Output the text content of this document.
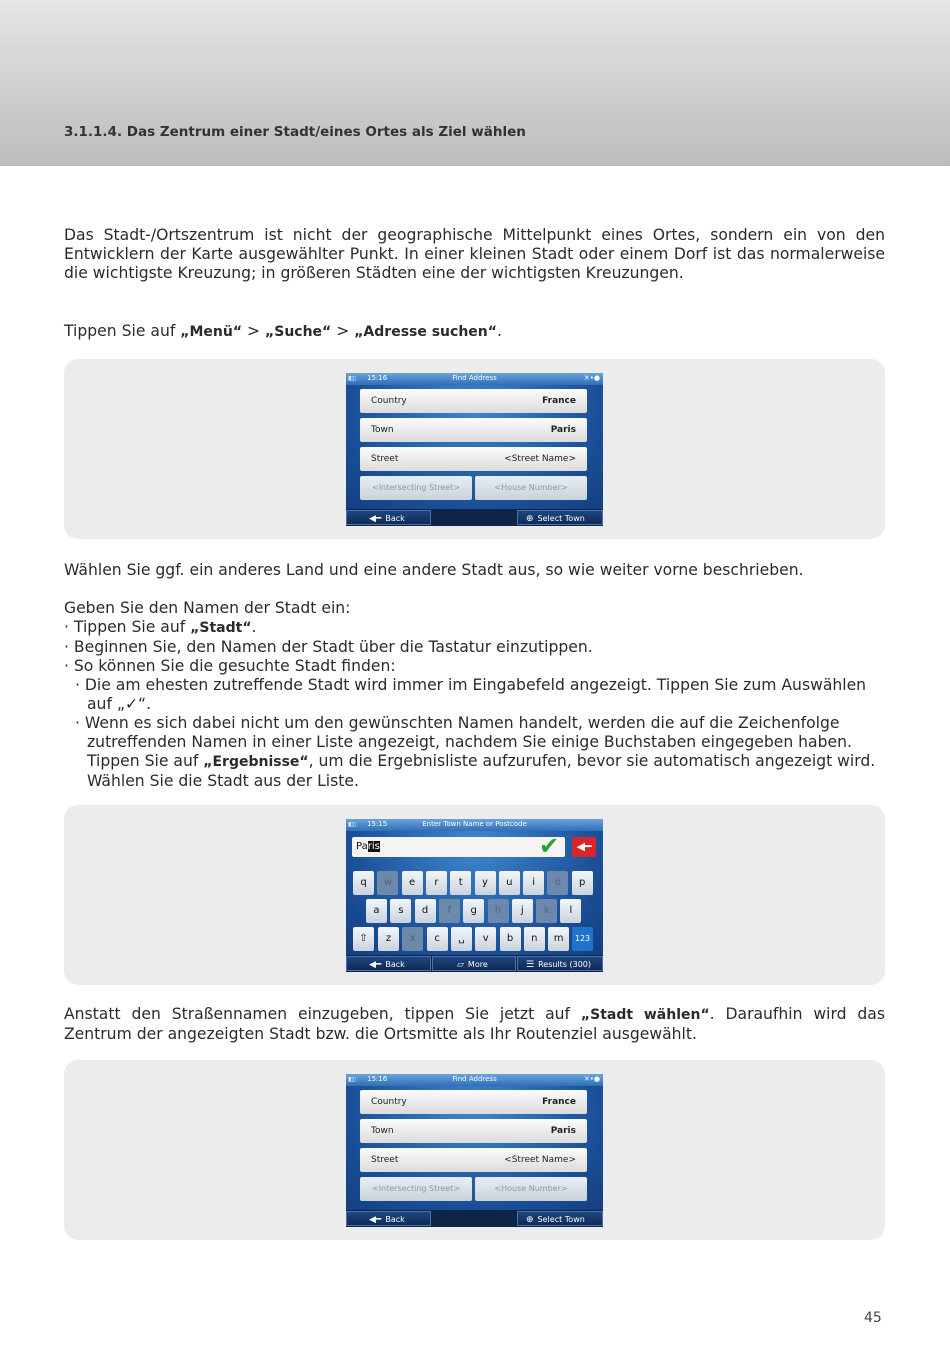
3.1.1.4. Das Zentrum einer Stadt/eines Ortes als Ziel wählen
Das Stadt-/Ortszentrum ist nicht der geographische Mittelpunkt eines Ortes, sondern ein von den Entwicklern der Karte ausgewählter Punkt. In einer kleinen Stadt oder einem Dorf ist das normalerweise die wichtigste Kreuzung; in größeren Städten eine der wichtigsten Kreuzungen.
Tippen Sie auf „Menü“ > „Suche“ > „Adresse suchen“.
▮▯▯ 15:16	Find Address	✕•●
Country	France
Town	Paris
Street	<Street Name>
<Intersecting Street>	<House Number>
◀━ Back	⊕ Select Town
Wählen Sie ggf. ein anderes Land und eine andere Stadt aus, so wie weiter vorne beschrieben.
Geben Sie den Namen der Stadt ein:
· Tippen Sie auf „Stadt“.
· Beginnen Sie, den Namen der Stadt über die Tastatur einzutippen.
· So können Sie die gesuchte Stadt finden:
· Die am ehesten zutreffende Stadt wird immer im Eingabefeld angezeigt. Tippen Sie zum Auswählen auf „✓“.
· Wenn es sich dabei nicht um den gewünschten Namen handelt, werden die auf die Zeichenfolge zutreffenden Namen in einer Liste angezeigt, nachdem Sie einige Buchstaben eingegeben haben. Tippen Sie auf „Ergebnisse“, um die Ergebnisliste aufzurufen, bevor sie automatisch angezeigt wird. Wählen Sie die Stadt aus der Liste.
▮▯▯ 15:15	Enter Town Name or Postcode
Paris	✔	◀━
q	w	e	r	t	y	u	i	o	p
a	s	d	f	g	h	j	k	l
z	x	c	v	b	n	m
⇧	␣	123
◀━ Back	▱ More	☰ Results (300)
Anstatt den Straßennamen einzugeben, tippen Sie jetzt auf „Stadt wählen“. Daraufhin wird das Zentrum der angezeigten Stadt bzw. die Ortsmitte als Ihr Routenziel ausgewählt.
▮▯▯ 15:16	Find Address	✕•●
Country	France
Town	Paris
Street	<Street Name>
<Intersecting Street>	<House Number>
◀━ Back	⊕ Select Town
45
